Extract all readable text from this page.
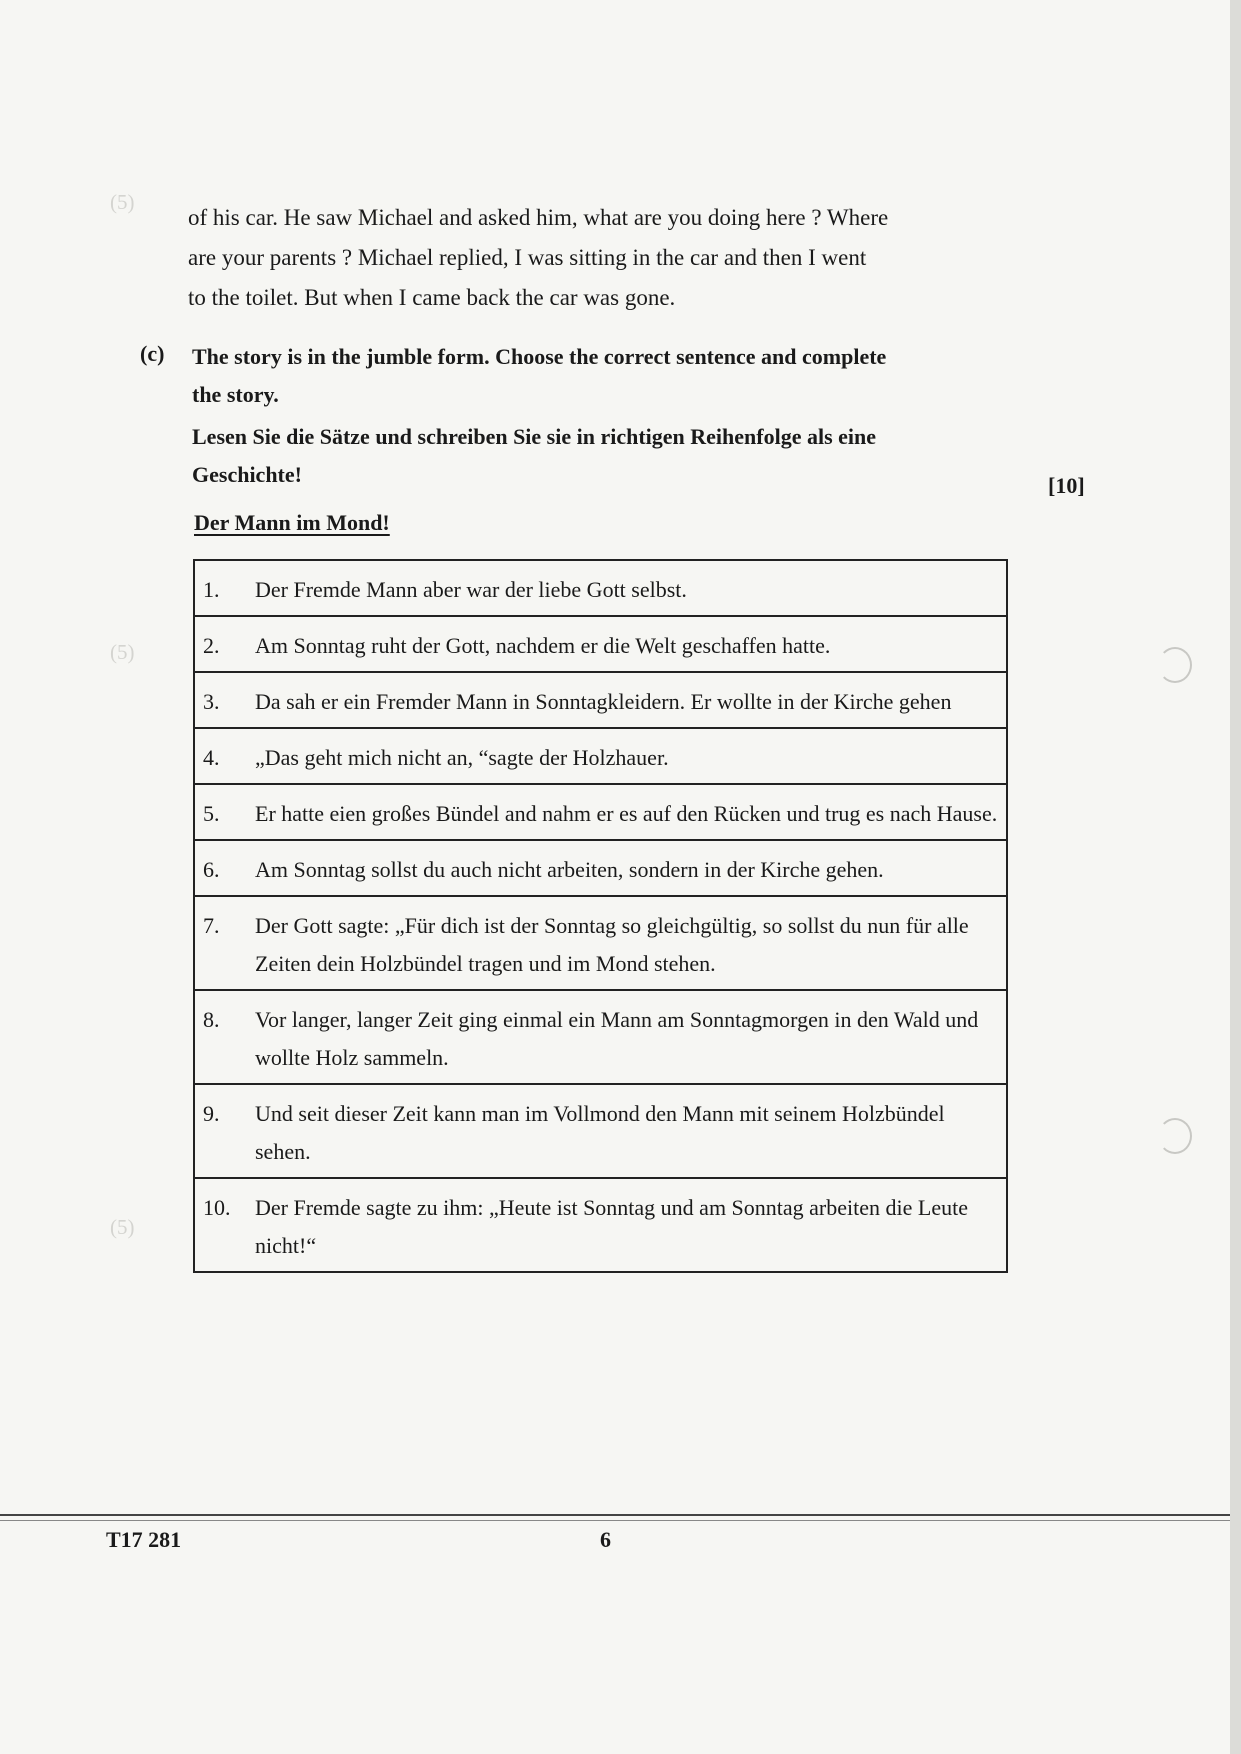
(5)
(5)
(5)

of his car. He saw Michael and asked him, what are you doing here ? Where

are your parents ? Michael replied, I was sitting in the car and then I went

to the toilet. But when I came back the car was gone.

(c) The story is in the jumble form. Choose the correct sentence and complete

the story.

Lesen Sie die Sätze und schreiben Sie sie in richtigen Reihenfolge als eine

Geschichte!	[10]
Der Mann im Mond!
1.	Der Fremde Mann aber war der liebe Gott selbst.
2.	Am Sonntag ruht der Gott, nachdem er die Welt geschaffen hatte.
3.	Da sah er ein Fremder Mann in Sonntagkleidern. Er wollte in der Kirche gehen
4.	„Das geht mich nicht an, “sagte der Holzhauer.
5.	Er hatte eien großes Bündel and nahm er es auf den Rücken und trug es nach Hause.
6.	Am Sonntag sollst du auch nicht arbeiten, sondern in der Kirche gehen.
7.	Der Gott sagte: „Für dich ist der Sonntag so gleichgültig, so sollst du nun für alle Zeiten dein Holzbündel tragen und im Mond stehen.
8.	Vor langer, langer Zeit ging einmal ein Mann am Sonntagmorgen in den Wald und wollte Holz sammeln.
9.	Und seit dieser Zeit kann man im Vollmond den Mann mit seinem Holzbündel sehen.
10.	Der Fremde sagte zu ihm: „Heute ist Sonntag und am Sonntag arbeiten die Leute nicht!“
T17 281	6
